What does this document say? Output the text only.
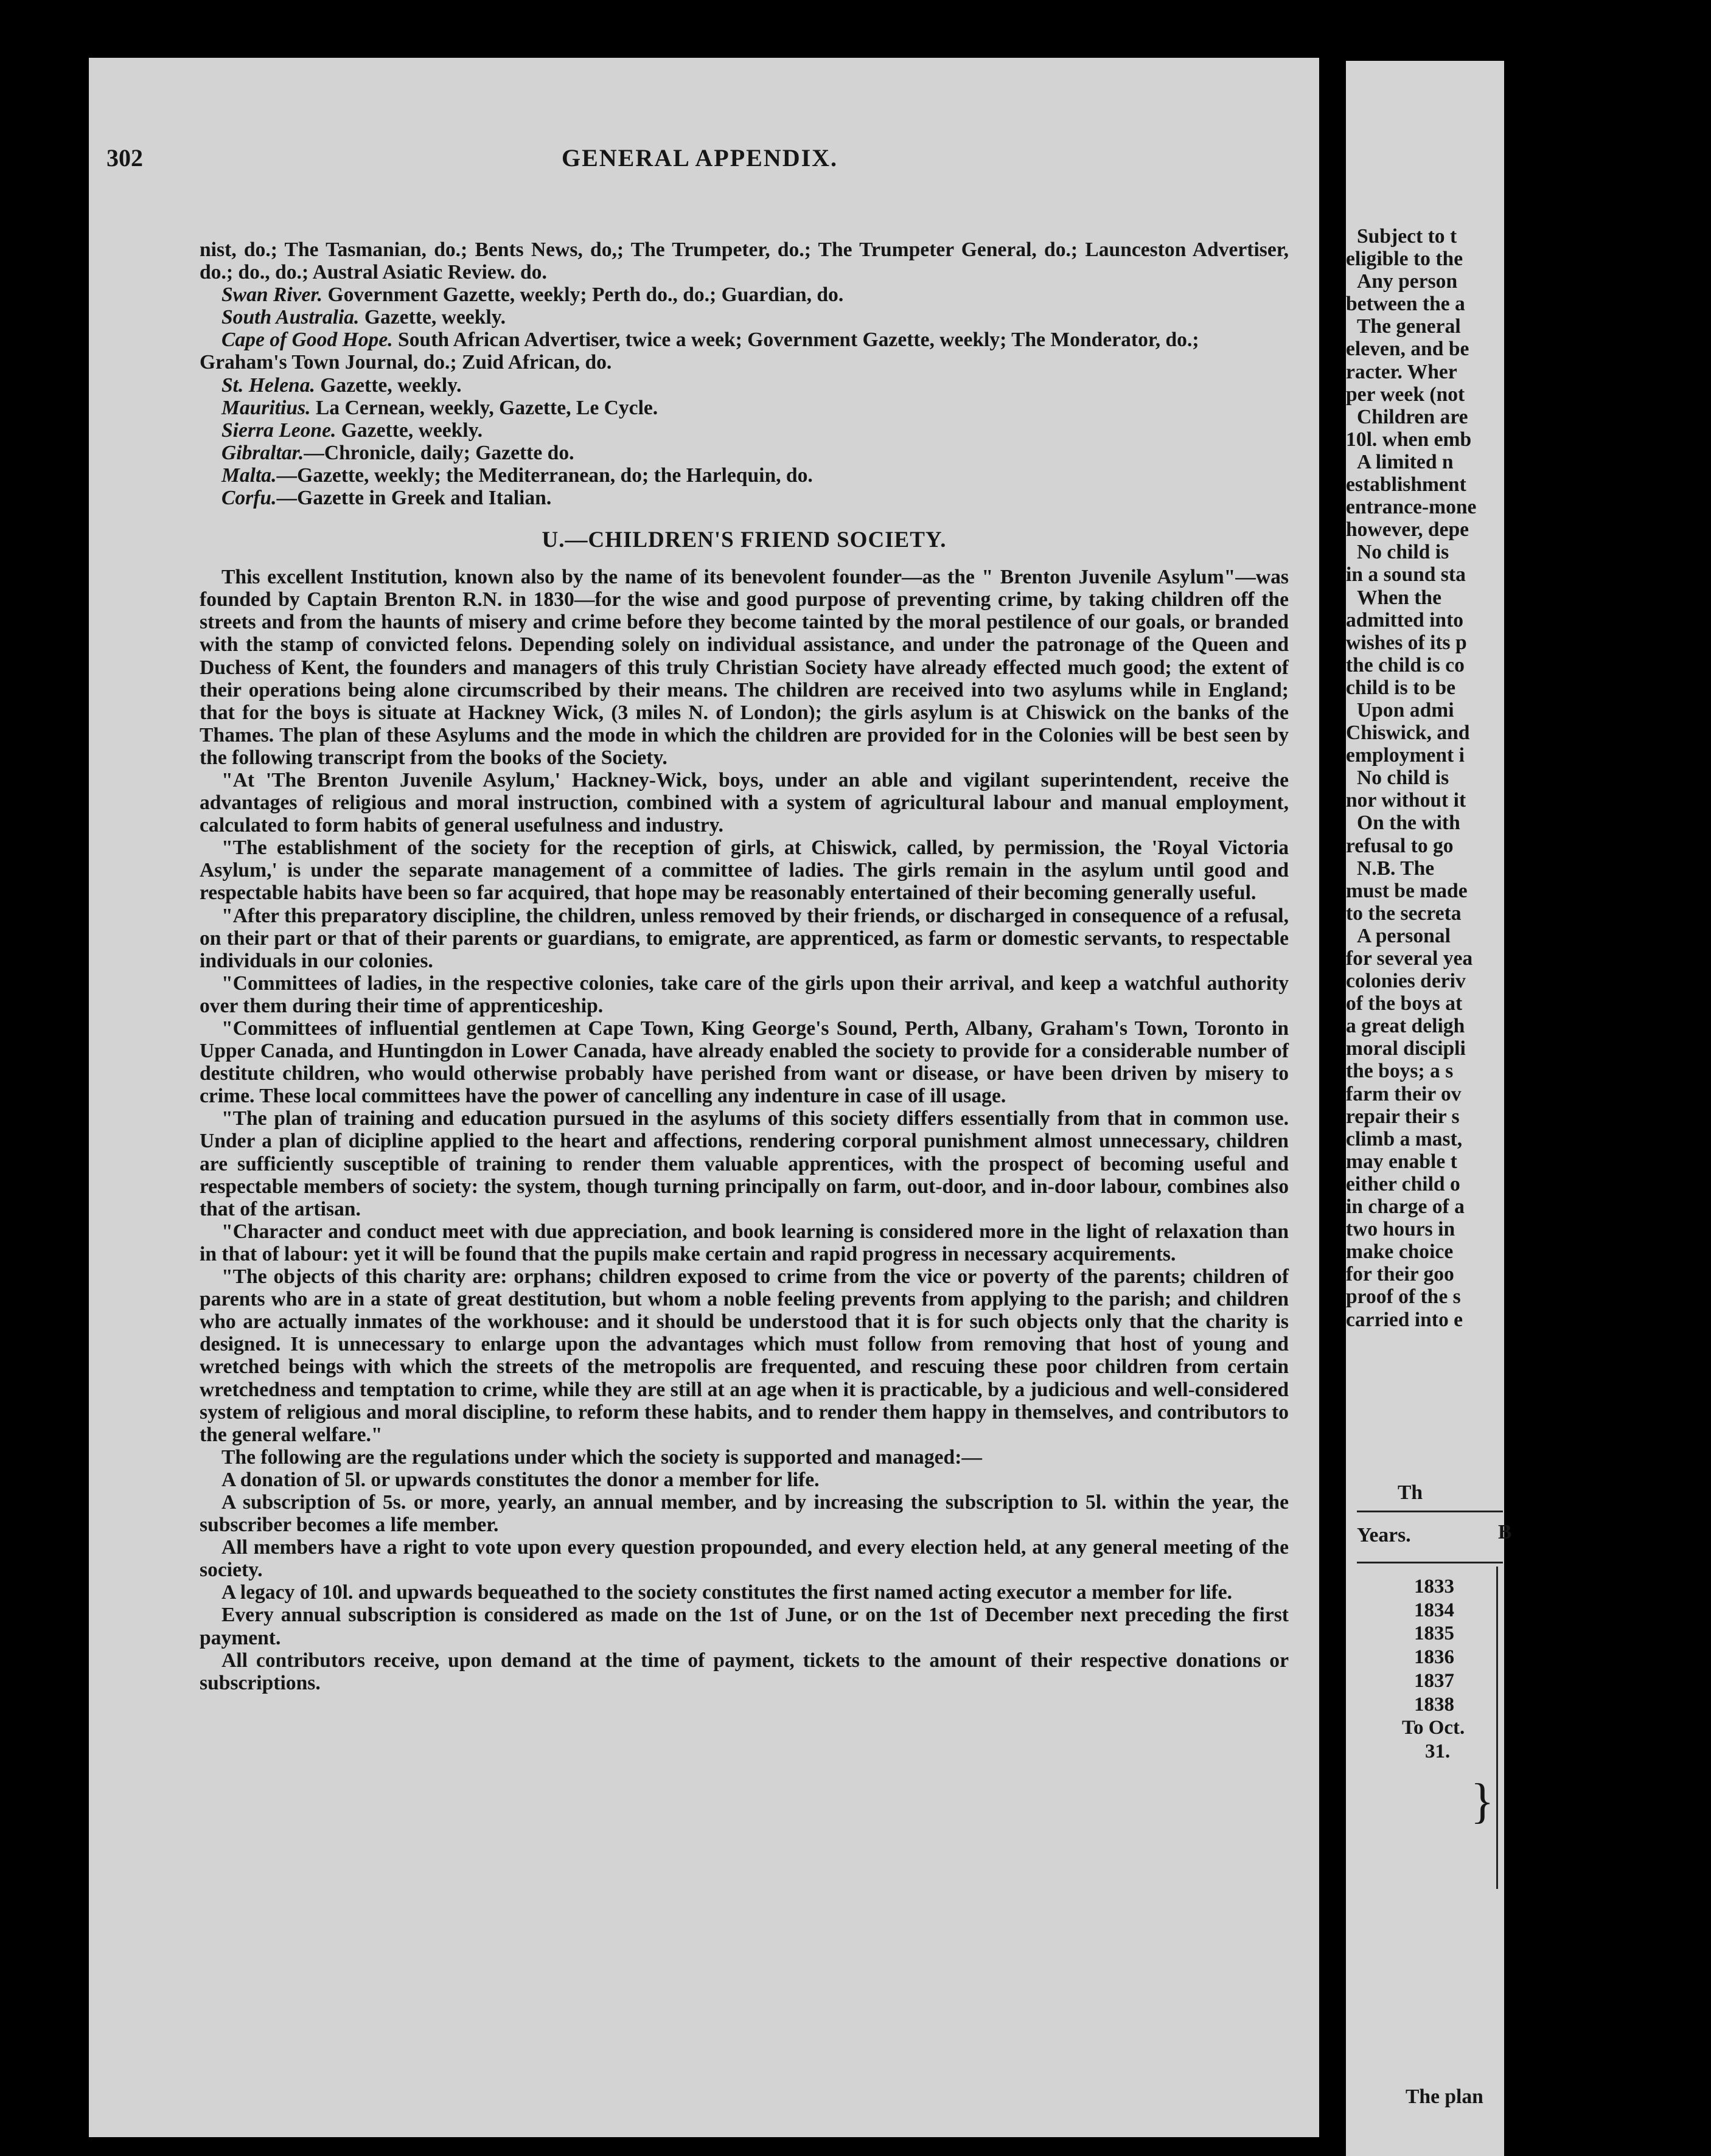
302	GENERAL APPENDIX.

nist, do.; The Tasmanian, do.; Bents News, do,; The Trumpeter, do.; The Trumpeter General, do.; Launceston Advertiser, do.; do., do.; Austral Asiatic Review. do.

Swan River. Government Gazette, weekly; Perth do., do.; Guardian, do.

South Australia. Gazette, weekly.

Cape of Good Hope. South African Advertiser, twice a week; Government Gazette, weekly; The Monderator, do.; Graham's Town Journal, do.; Zuid African, do.

St. Helena. Gazette, weekly.

Mauritius. La Cernean, weekly, Gazette, Le Cycle.

Sierra Leone. Gazette, weekly.

Gibraltar.—Chronicle, daily; Gazette do.

Malta.—Gazette, weekly; the Mediterranean, do; the Harlequin, do.

Corfu.—Gazette in Greek and Italian.

U.—CHILDREN'S FRIEND SOCIETY.

This excellent Institution, known also by the name of its benevolent founder—as the " Brenton Juvenile Asylum"—was founded by Captain Brenton R.N. in 1830—for the wise and good purpose of preventing crime, by taking children off the streets and from the haunts of misery and crime before they become tainted by the moral pestilence of our goals, or branded with the stamp of convicted felons. Depending solely on individual assistance, and under the patronage of the Queen and Duchess of Kent, the founders and managers of this truly Christian Society have already effected much good; the extent of their operations being alone circumscribed by their means. The children are received into two asylums while in England; that for the boys is situate at Hackney Wick, (3 miles N. of London); the girls asylum is at Chiswick on the banks of the Thames. The plan of these Asylums and the mode in which the children are provided for in the Colonies will be best seen by the following transcript from the books of the Society.

"At 'The Brenton Juvenile Asylum,' Hackney-Wick, boys, under an able and vigilant superintendent, receive the advantages of religious and moral instruction, combined with a system of agricultural labour and manual employment, calculated to form habits of general usefulness and industry.

"The establishment of the society for the reception of girls, at Chiswick, called, by permission, the 'Royal Victoria Asylum,' is under the separate management of a committee of ladies. The girls remain in the asylum until good and respectable habits have been so far acquired, that hope may be reasonably entertained of their becoming generally useful.

"After this preparatory discipline, the children, unless removed by their friends, or discharged in consequence of a refusal, on their part or that of their parents or guardians, to emigrate, are apprenticed, as farm or domestic servants, to respectable individuals in our colonies.

"Committees of ladies, in the respective colonies, take care of the girls upon their arrival, and keep a watchful authority over them during their time of apprenticeship.

"Committees of influential gentlemen at Cape Town, King George's Sound, Perth, Albany, Graham's Town, Toronto in Upper Canada, and Huntingdon in Lower Canada, have already enabled the society to provide for a considerable number of destitute children, who would otherwise probably have perished from want or disease, or have been driven by misery to crime. These local committees have the power of cancelling any indenture in case of ill usage.

"The plan of training and education pursued in the asylums of this society differs essentially from that in common use. Under a plan of dicipline applied to the heart and affections, rendering corporal punishment almost unnecessary, children are sufficiently susceptible of training to render them valuable apprentices, with the prospect of becoming useful and respectable members of society: the system, though turning principally on farm, out-door, and in-door labour, combines also that of the artisan.

"Character and conduct meet with due appreciation, and book learning is considered more in the light of relaxation than in that of labour: yet it will be found that the pupils make certain and rapid progress in necessary acquirements.

"The objects of this charity are: orphans; children exposed to crime from the vice or poverty of the parents; children of parents who are in a state of great destitution, but whom a noble feeling prevents from applying to the parish; and children who are actually inmates of the workhouse: and it should be understood that it is for such objects only that the charity is designed. It is unnecessary to enlarge upon the advantages which must follow from removing that host of young and wretched beings with which the streets of the metropolis are frequented, and rescuing these poor children from certain wretchedness and temptation to crime, while they are still at an age when it is practicable, by a judicious and well-considered system of religious and moral discipline, to reform these habits, and to render them happy in themselves, and contributors to the general welfare."

The following are the regulations under which the society is supported and managed:—

A donation of 5l. or upwards constitutes the donor a member for life.

A subscription of 5s. or more, yearly, an annual member, and by increasing the subscription to 5l. within the year, the subscriber becomes a life member.

All members have a right to vote upon every question propounded, and every election held, at any general meeting of the society.

A legacy of 10l. and upwards bequeathed to the society constitutes the first named acting executor a member for life.

Every annual subscription is considered as made on the 1st of June, or on the 1st of December next preceding the first payment.

All contributors receive, upon demand at the time of payment, tickets to the amount of their respective donations or subscriptions.

Subject to t
eligible to the
Any person
between the a
The general
eleven, and be
racter. Wher
per week (not
Children are
10l. when emb
A limited n
establishment
entrance-mone
however, depe
No child is
in a sound sta
When the
admitted into
wishes of its p
the child is co
child is to be
Upon admi
Chiswick, and
employment i
No child is
nor without it
On the with
refusal to go
N.B. The
must be made
to the secreta
A personal
for several yea
colonies deriv
of the boys at
a great deligh
moral discipli
the boys; a s
farm their ov
repair their s
climb a mast,
may enable t
either child o
in charge of a
two hours in
make choice
for their goo
proof of the s
carried into e
Th
Years.	B
1833
1834
1835
1836
1837
1838
To Oct.
31.
}
The plan
